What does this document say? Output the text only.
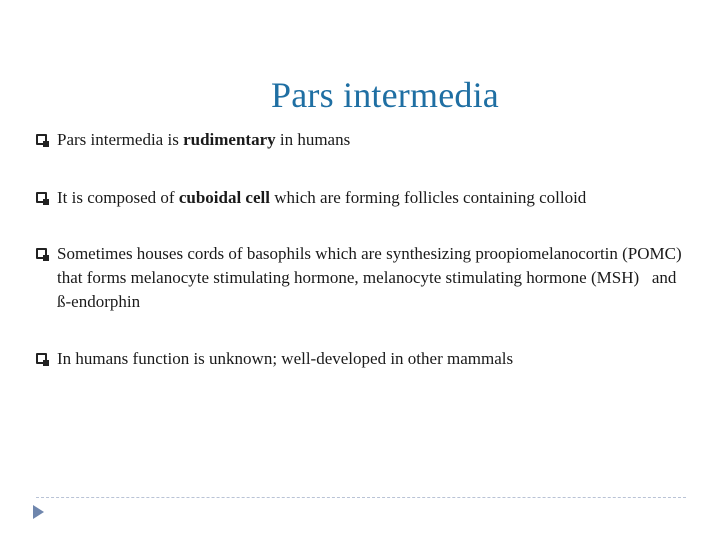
Pars intermedia
Pars intermedia is rudimentary in humans
It is composed of cuboidal cell which are forming follicles containing colloid
Sometimes houses cords of basophils which are synthesizing proopiomelanocortin (POMC) that forms melanocyte stimulating hormone, melanocyte stimulating hormone (MSH)   and   ß-endorphin
In humans function is unknown; well-developed in other mammals
